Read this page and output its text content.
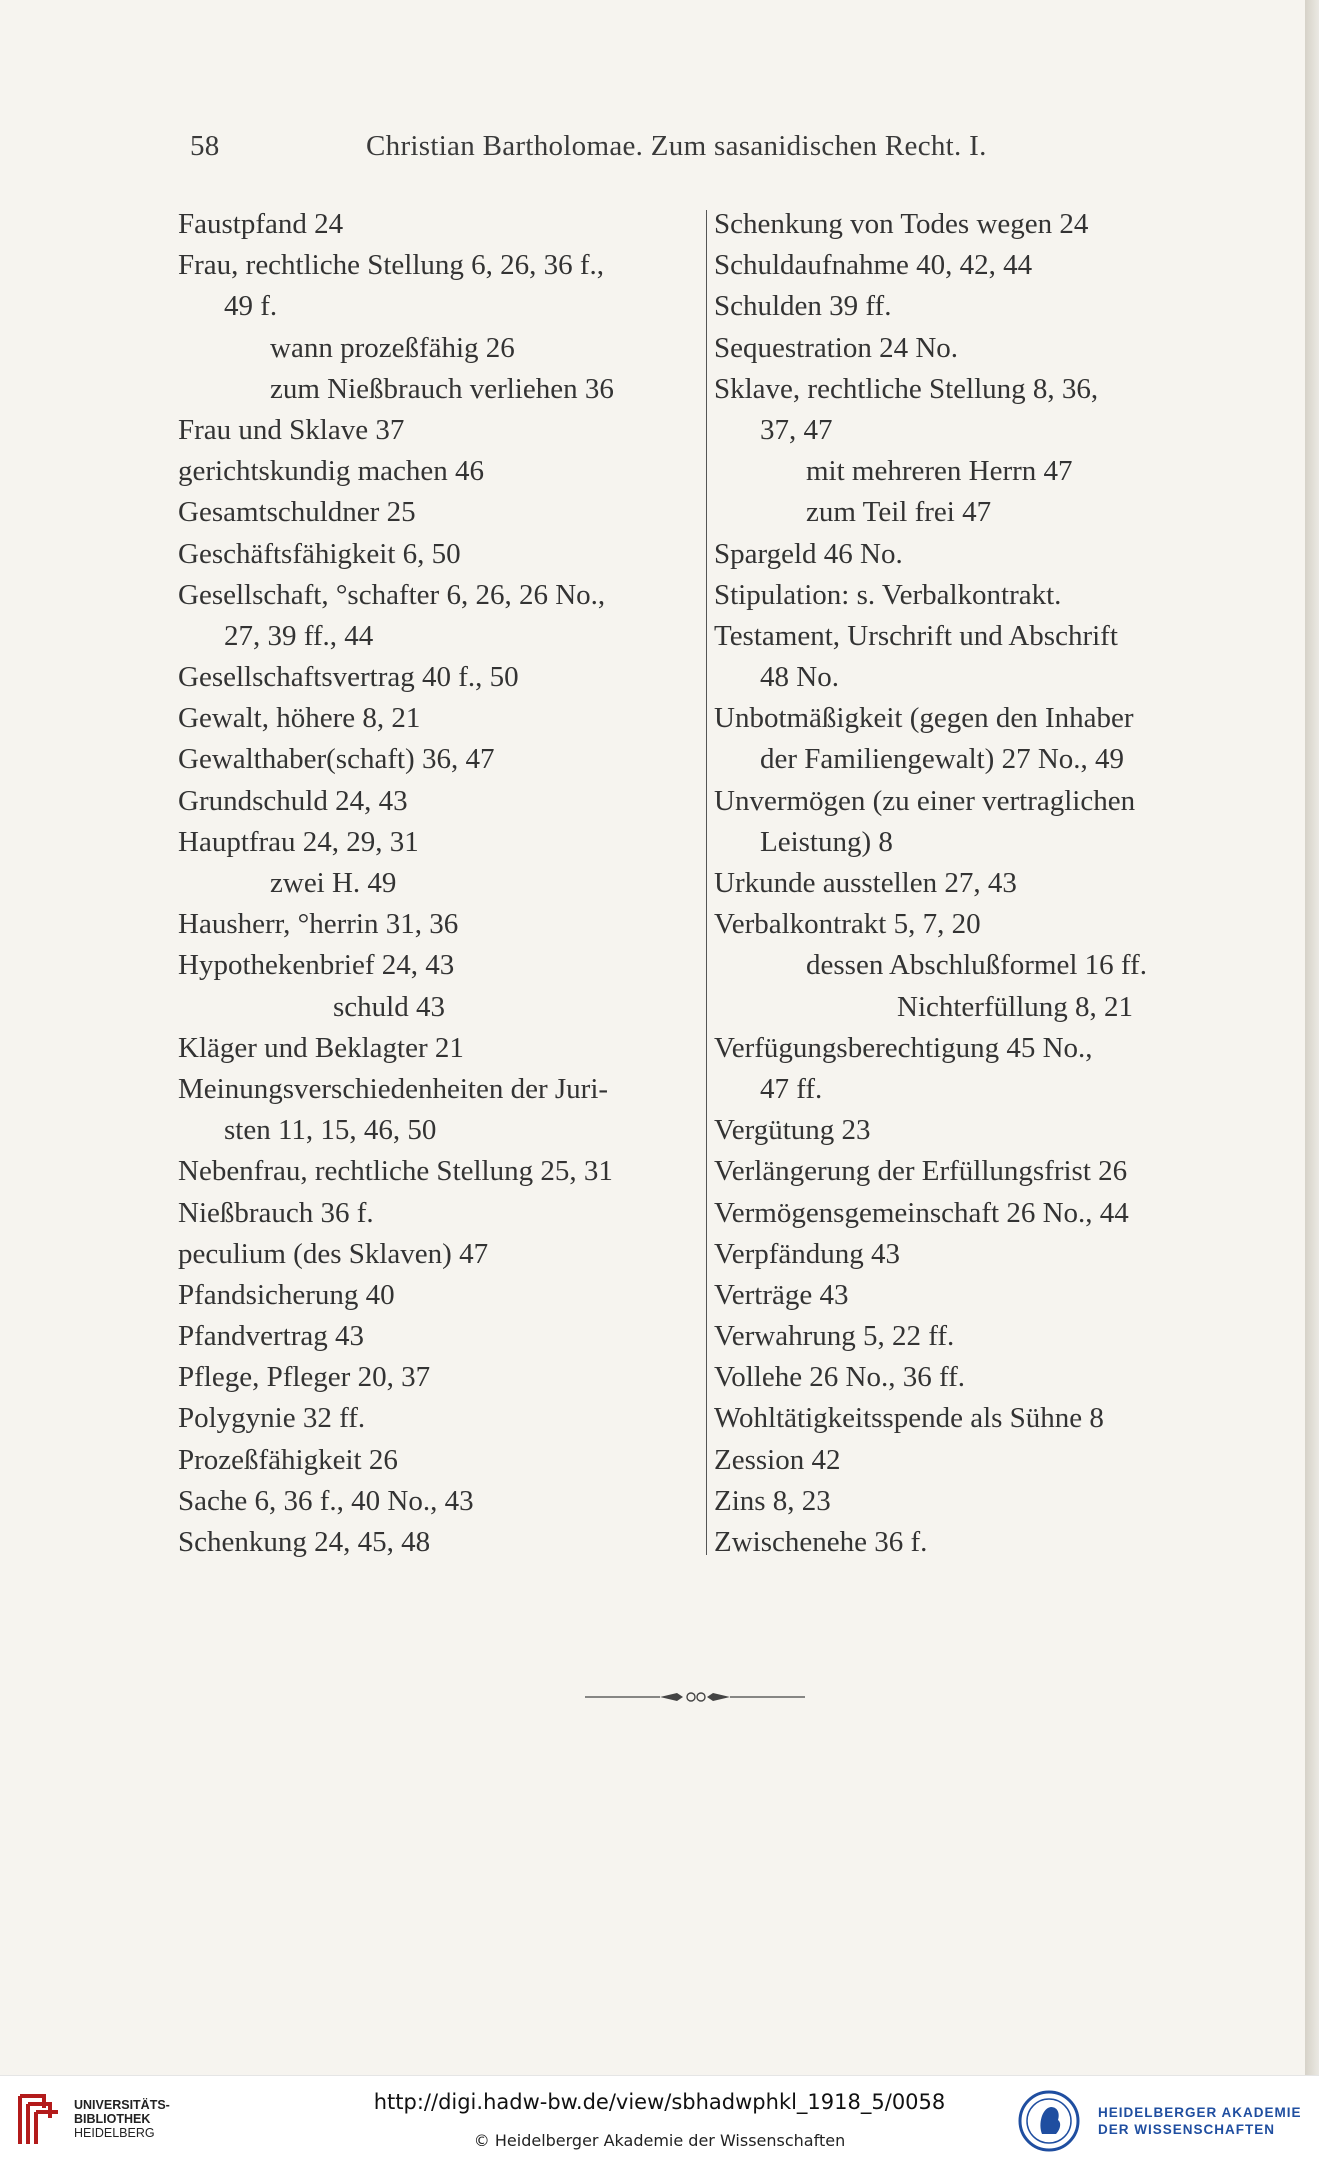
58	Christian Bartholomae. Zum sasanidischen Recht. I.
Faustpfand 24
Frau, rechtliche Stellung 6, 26, 36 f.,
49 f.
wann prozeßfähig 26
zum Nießbrauch verliehen 36
Frau und Sklave 37
gerichtskundig machen 46
Gesamtschuldner 25
Geschäftsfähigkeit 6, 50
Gesellschaft, °schafter 6, 26, 26 No.,
27, 39 ff., 44
Gesellschaftsvertrag 40 f., 50
Gewalt, höhere 8, 21
Gewalthaber(schaft) 36, 47
Grundschuld 24, 43
Hauptfrau 24, 29, 31
zwei H. 49
Hausherr, °herrin 31, 36
Hypothekenbrief 24, 43
schuld 43
Kläger und Beklagter 21
Meinungsverschiedenheiten der Juri-
sten 11, 15, 46, 50
Nebenfrau, rechtliche Stellung 25, 31
Nießbrauch 36 f.
peculium (des Sklaven) 47
Pfandsicherung 40
Pfandvertrag 43
Pflege, Pfleger 20, 37
Polygynie 32 ff.
Prozeßfähigkeit 26
Sache 6, 36 f., 40 No., 43
Schenkung 24, 45, 48
Schenkung von Todes wegen 24
Schuldaufnahme 40, 42, 44
Schulden 39 ff.
Sequestration 24 No.
Sklave, rechtliche Stellung 8, 36,
37, 47
mit mehreren Herrn 47
zum Teil frei 47
Spargeld 46 No.
Stipulation: s. Verbalkontrakt.
Testament, Urschrift und Abschrift
48 No.
Unbotmäßigkeit (gegen den Inhaber
der Familiengewalt) 27 No., 49
Unvermögen (zu einer vertraglichen
Leistung) 8
Urkunde ausstellen 27, 43
Verbalkontrakt 5, 7, 20
dessen Abschlußformel 16 ff.
Nichterfüllung 8, 21
Verfügungsberechtigung 45 No.,
47 ff.
Vergütung 23
Verlängerung der Erfüllungsfrist 26
Vermögensgemeinschaft 26 No., 44
Verpfändung 43
Verträge 43
Verwahrung 5, 22 ff.
Vollehe 26 No., 36 ff.
Wohltätigkeitsspende als Sühne 8
Zession 42
Zins 8, 23
Zwischenehe 36 f.
UNIVERSITÄTS-
BIBLIOTHEK
HEIDELBERG
http://digi.hadw-bw.de/view/sbhadwphkl_1918_5/0058
© Heidelberger Akademie der Wissenschaften
HEIDELBERGER AKADEMIE
DER WISSENSCHAFTEN
